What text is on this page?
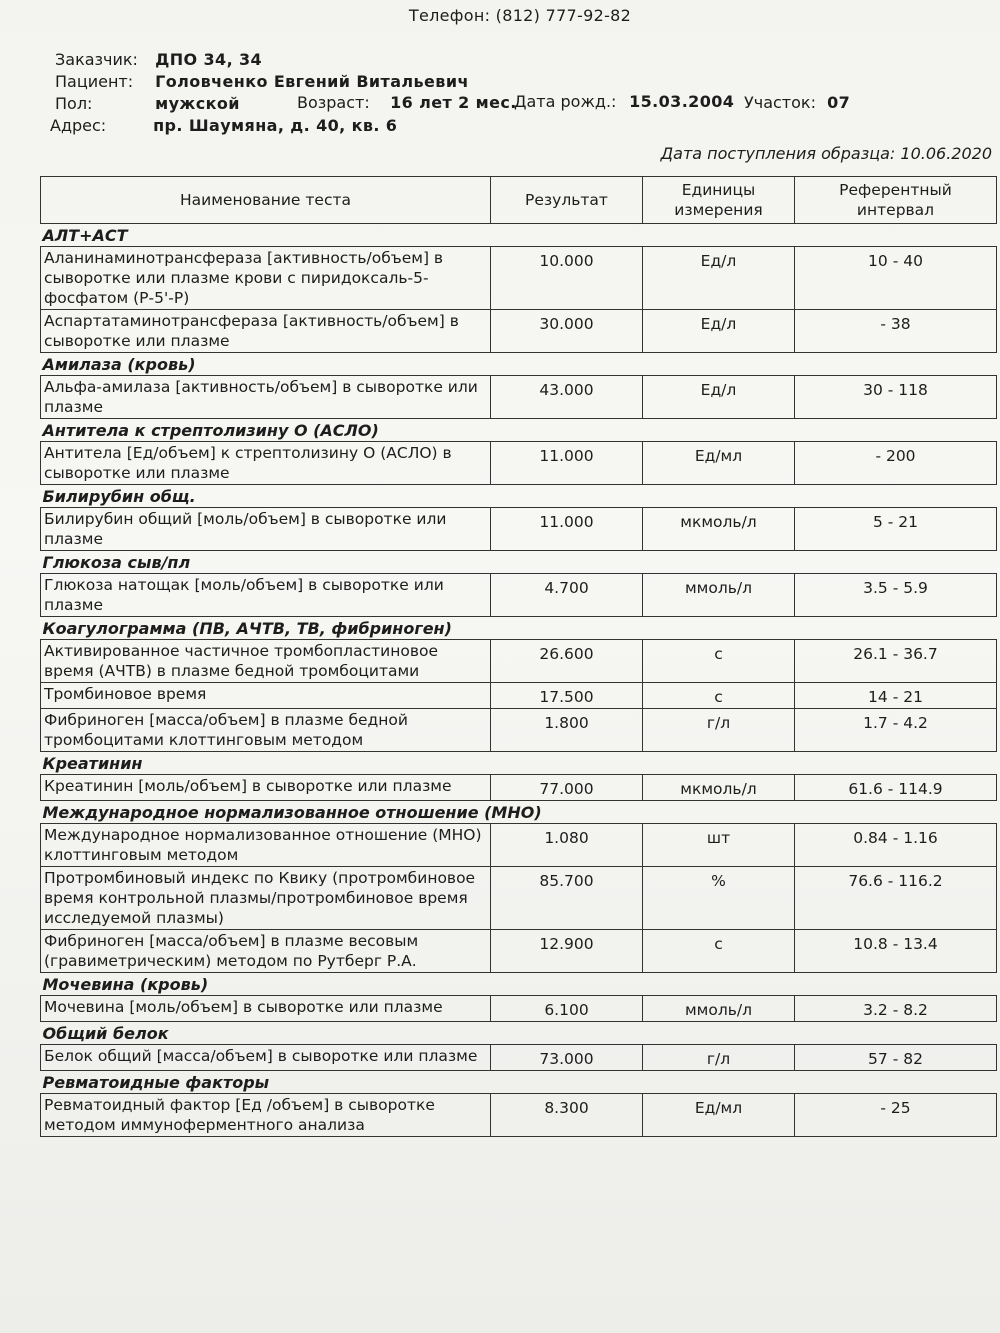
Телефон: (812) 777-92-82
Заказчик: ДПО 34, 34
Пациент: Головченко Евгений Витальевич
Пол:	мужской	Возраст: 16 лет 2 мес.
Дата рожд.: 15.03.2004 Участок: 07
Адрес:	пр. Шаумяна, д. 40, кв. 6
Дата поступления образца: 10.06.2020
Наименование теста	Результат	Единицы измерения	Референтный интервал
АЛТ+АСТ			
Аланинаминотрансфераза [активность/объем] в сыворотке или плазме крови с пиридоксаль-5-фосфатом (Р-5'-Р)	10.000	Ед/л	10 - 40
Аспартатаминотрансфераза [активность/объем] в сыворотке или плазме	30.000	Ед/л	- 38
Амилаза (кровь)			
Альфа-амилаза [активность/объем] в сыворотке или плазме	43.000	Ед/л	30 - 118
Антитела к стрептолизину О (АСЛО)			
Антитела [Ед/объем] к стрептолизину О (АСЛО) в сыворотке или плазме	11.000	Ед/мл	- 200
Билирубин общ.			
Билирубин общий [моль/объем] в сыворотке или плазме	11.000	мкмоль/л	5 - 21
Глюкоза сыв/пл			
Глюкоза натощак [моль/объем] в сыворотке или плазме	4.700	ммоль/л	3.5 - 5.9
Коагулограмма (ПВ, АЧТВ, ТВ, фибриноген)			
Активированное частичное тромбопластиновое время (АЧТВ) в плазме бедной тромбоцитами	26.600	с	26.1 - 36.7
Тромбиновое время	17.500	с	14 - 21
Фибриноген [масса/объем] в плазме бедной тромбоцитами клоттинговым методом	1.800	г/л	1.7 - 4.2
Креатинин			
Креатинин [моль/объем] в сыворотке или плазме	77.000	мкмоль/л	61.6 - 114.9
Международное нормализованное отношение (МНО)			
Международное нормализованное отношение (МНО) клоттинговым методом	1.080	шт	0.84 - 1.16
Протромбиновый индекс по Квику (протромбиновое время контрольной плазмы/протромбиновое время исследуемой плазмы)	85.700	%	76.6 - 116.2
Фибриноген [масса/объем] в плазме весовым (гравиметрическим) методом по Рутберг Р.А.	12.900	с	10.8 - 13.4
Мочевина (кровь)			
Мочевина [моль/объем] в сыворотке или плазме	6.100	ммоль/л	3.2 - 8.2
Общий белок			
Белок общий [масса/объем] в сыворотке или плазме	73.000	г/л	57 - 82
Ревматоидные факторы			
Ревматоидный фактор [Ед /объем] в сыворотке методом иммуноферментного анализа	8.300	Ед/мл	- 25
